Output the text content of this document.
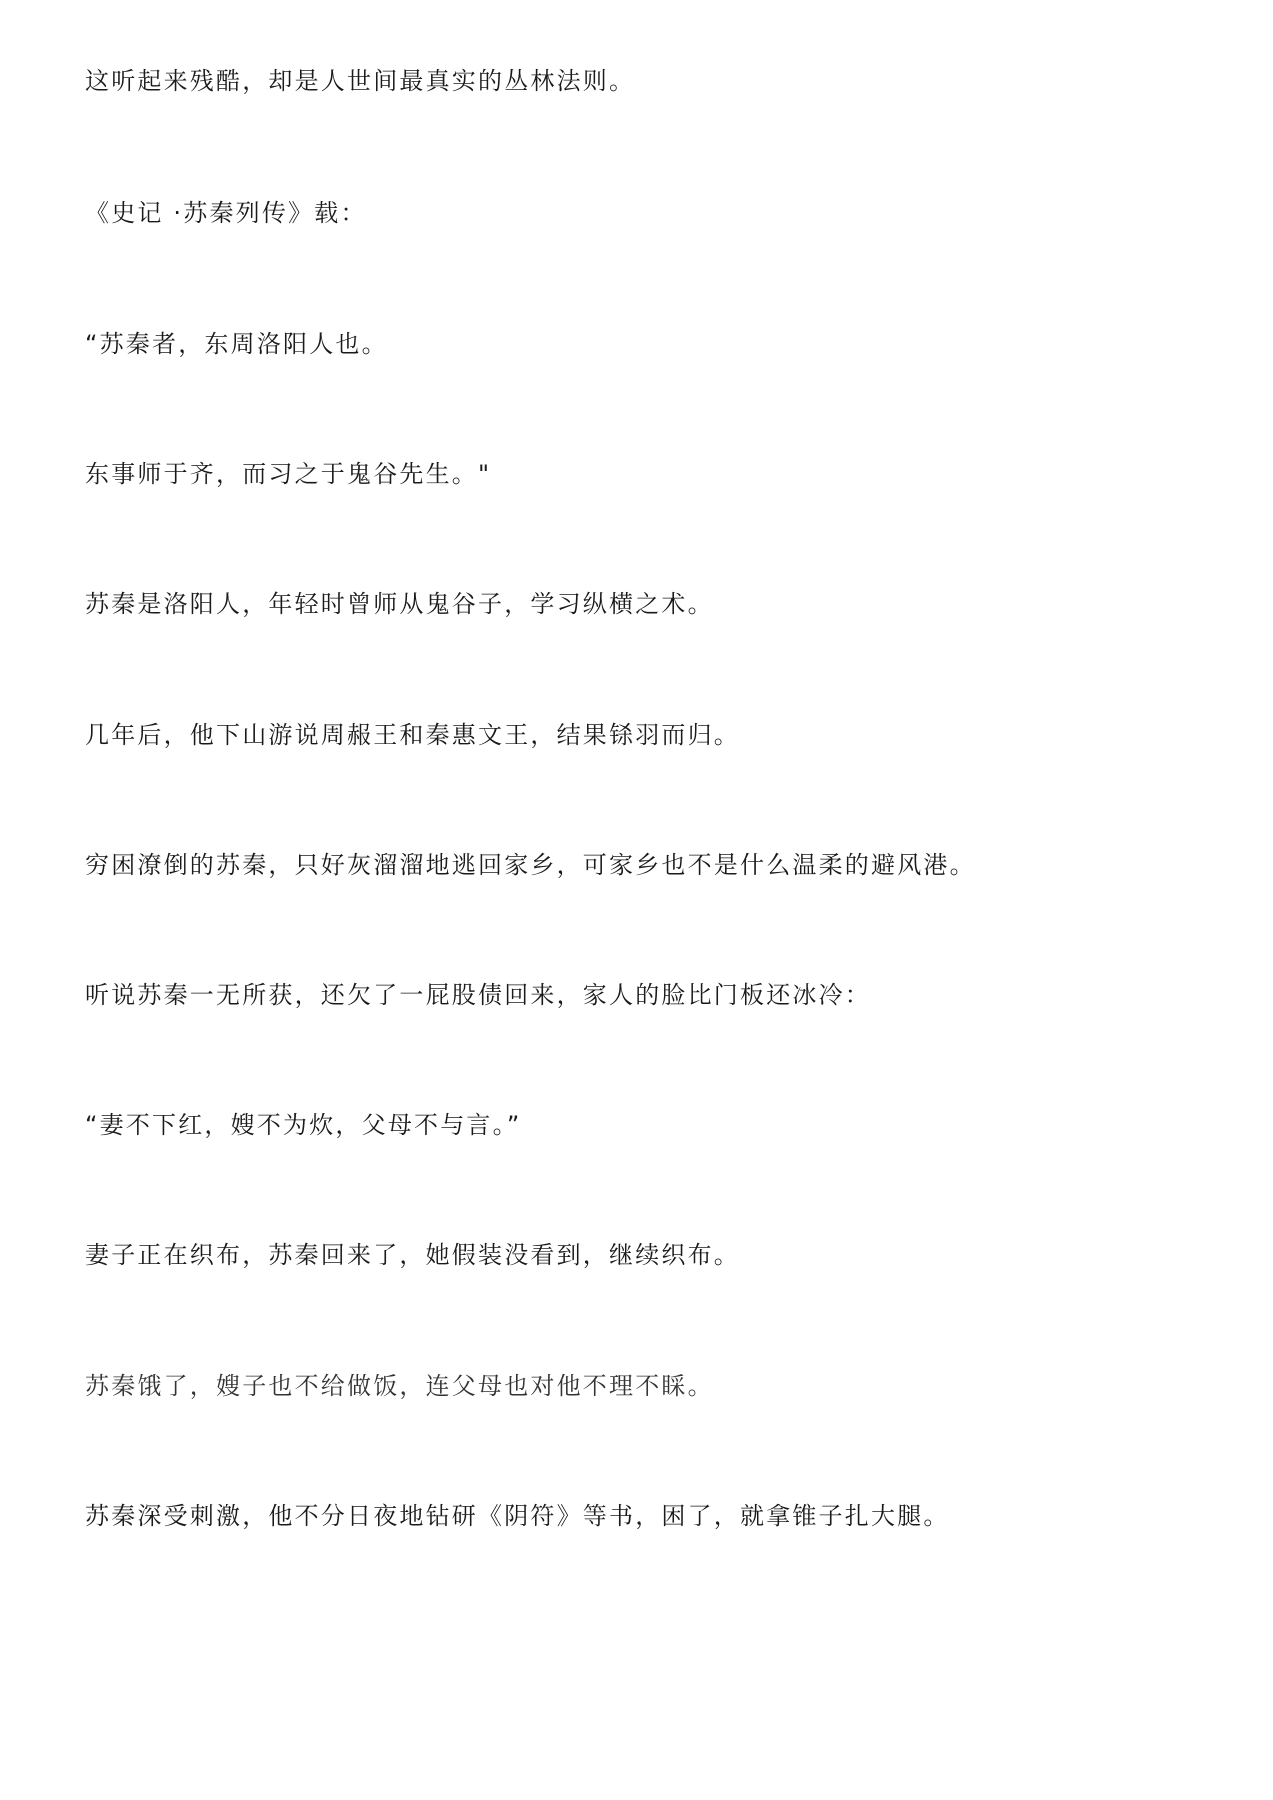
这听起来残酷，却是人世间最真实的丛林法则。

《史记 ·苏秦列传》载：

“苏秦者，东周洛阳人也。

东事师于齐，而习之于鬼谷先生。"

苏秦是洛阳人，年轻时曾师从鬼谷子，学习纵横之术。

几年后，他下山游说周赧王和秦惠文王，结果铩羽而归。

穷困潦倒的苏秦，只好灰溜溜地逃回家乡，可家乡也不是什么温柔的避风港。

听说苏秦一无所获，还欠了一屁股债回来，家人的脸比门板还冰冷：

“妻不下红，嫂不为炊，父母不与言。”

妻子正在织布，苏秦回来了，她假装没看到，继续织布。

苏秦饿了，嫂子也不给做饭，连父母也对他不理不睬。

苏秦深受刺激，他不分日夜地钻研《阴符》等书，困了，就拿锥子扎大腿。
